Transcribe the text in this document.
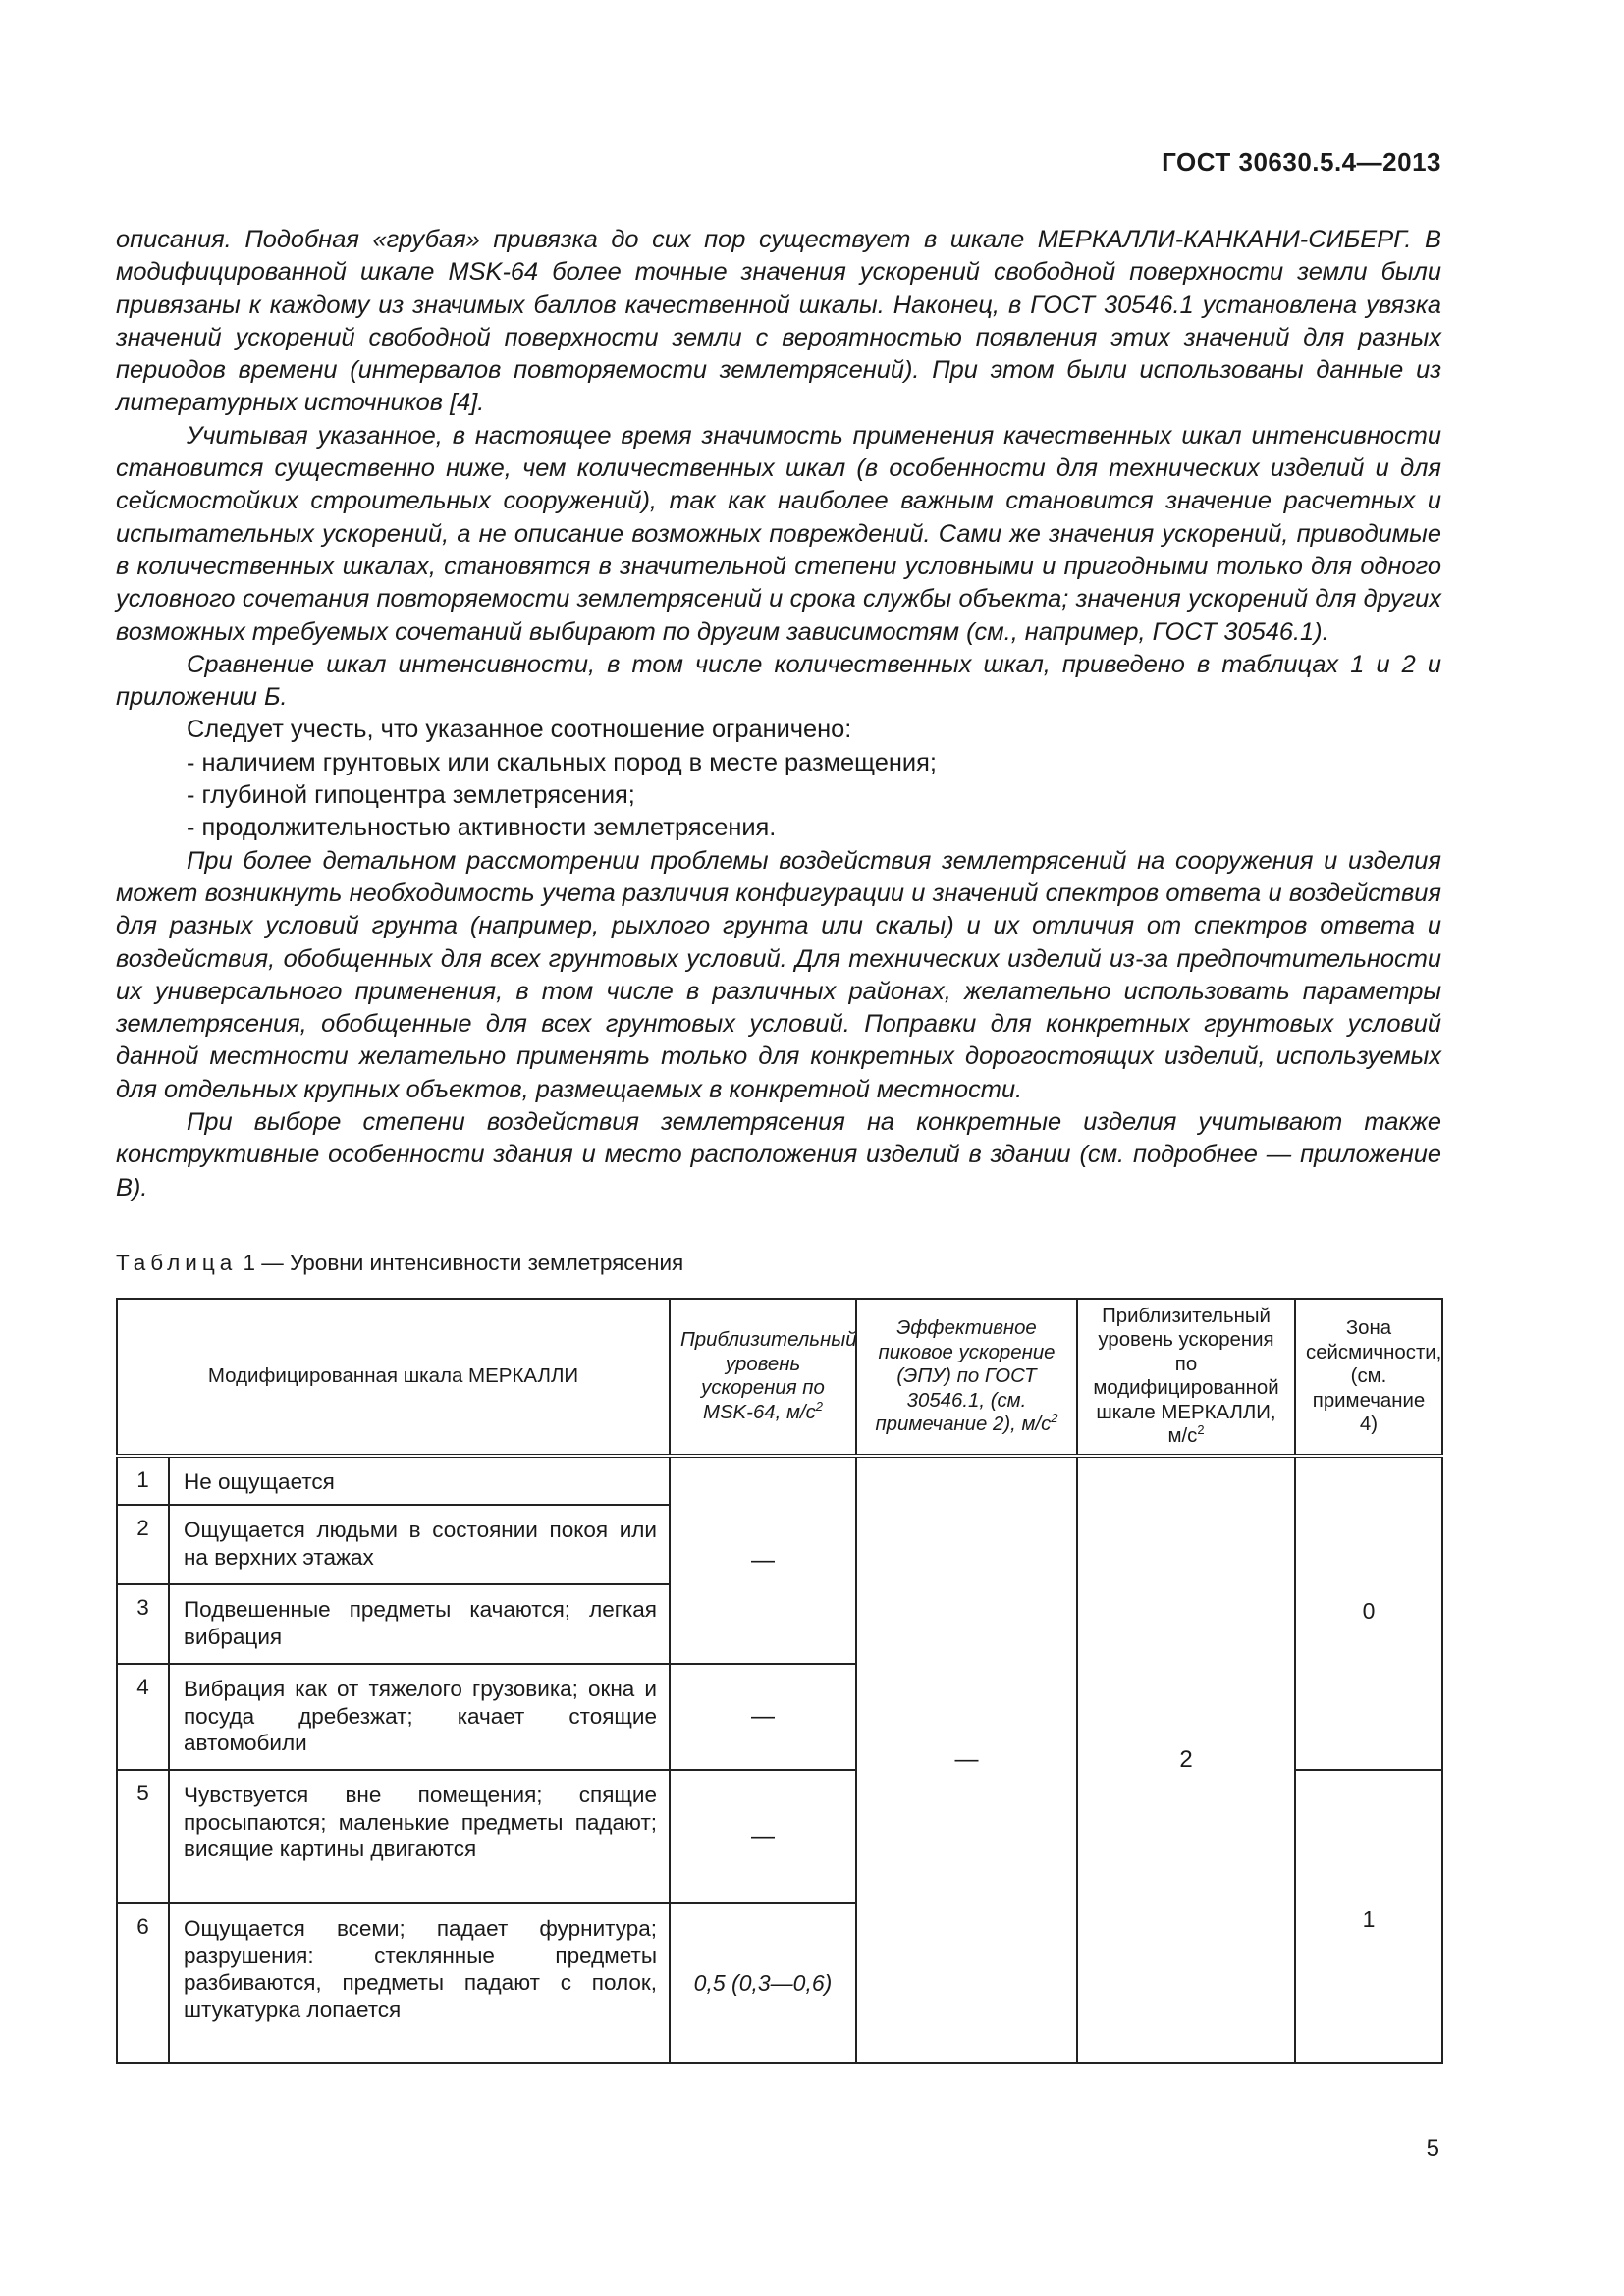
ГОСТ 30630.5.4—2013

описания. Подобная «грубая» привязка до сих пор существует в шкале МЕРКАЛЛИ-КАНКАНИ-СИБЕРГ. В модифицированной шкале MSK-64 более точные значения ускорений свободной поверхности земли были привязаны к каждому из значимых баллов качественной шкалы. Наконец, в ГОСТ 30546.1 установлена увязка значений ускорений свободной поверхности земли с вероятностью появления этих значений для разных периодов времени (интервалов повторяемости землетрясений). При этом были использованы данные из литературных источников [4].

Учитывая указанное, в настоящее время значимость применения качественных шкал интенсивности становится существенно ниже, чем количественных шкал (в особенности для технических изделий и для сейсмостойких строительных сооружений), так как наиболее важным становится значение расчетных и испытательных ускорений, а не описание возможных повреждений. Сами же значения ускорений, приводимые в количественных шкалах, становятся в значительной степени условными и пригодными только для одного условного сочетания повторяемости землетрясений и срока службы объекта; значения ускорений для других возможных требуемых сочетаний выбирают по другим зависимостям (см., например, ГОСТ 30546.1).

Сравнение шкал интенсивности, в том числе количественных шкал, приведено в таблицах 1 и 2 и приложении Б.

Следует учесть, что указанное соотношение ограничено:

- наличием грунтовых или скальных пород в месте размещения;

- глубиной гипоцентра землетрясения;

- продолжительностью активности землетрясения.

При более детальном рассмотрении проблемы воздействия землетрясений на сооружения и изделия может возникнуть необходимость учета различия конфигурации и значений спектров ответа и воздействия для разных условий грунта (например, рыхлого грунта или скалы) и их отличия от спектров ответа и воздействия, обобщенных для всех грунтовых условий. Для технических изделий из-за предпочтительности их универсального применения, в том числе в различных районах, желательно использовать параметры землетрясения, обобщенные для всех грунтовых условий. Поправки для конкретных грунтовых условий данной местности желательно применять только для конкретных дорогостоящих изделий, используемых для отдельных крупных объектов, размещаемых в конкретной местности.

При выборе степени воздействия землетрясения на конкретные изделия учитывают также конструктивные особенности здания и место расположения изделий в здании (см. подробнее — приложение В).

Таблица 1 — Уровни интенсивности землетрясения

Модифицированная шкала МЕРКАЛЛИ		Приблизительный уровень ускорения по MSK-64, $м/с^2$	Эффективное пиковое ускорение (ЭПУ) по ГОСТ 30546.1, (см. примечание 2), $м/с^2$	Приблизительный уровень ускорения по модифицированной шкале МЕРКАЛЛИ, $м/с^2$	Зона сейсмичности, (см. примечание 4)
1	Не ощущается	—	—	2	0

2	Ощущается людьми в состоянии покоя или на верхних этажах				
3	Подвешенные предметы качаются; легкая вибрация				
4	Вибрация как от тяжелого грузовика; окна и посуда дребезжат; качает стоящие автомобили	—			
5	Чувствуется вне помещения; спящие просыпаются; маленькие предметы падают; висящие картины двигаются	—			1

6	Ощущается всеми; падает фурнитура; разрушения: стеклянные предметы разбиваются, предметы падают с полок, штукатурка лопается	0,5 (0,3—0,6)			
5
